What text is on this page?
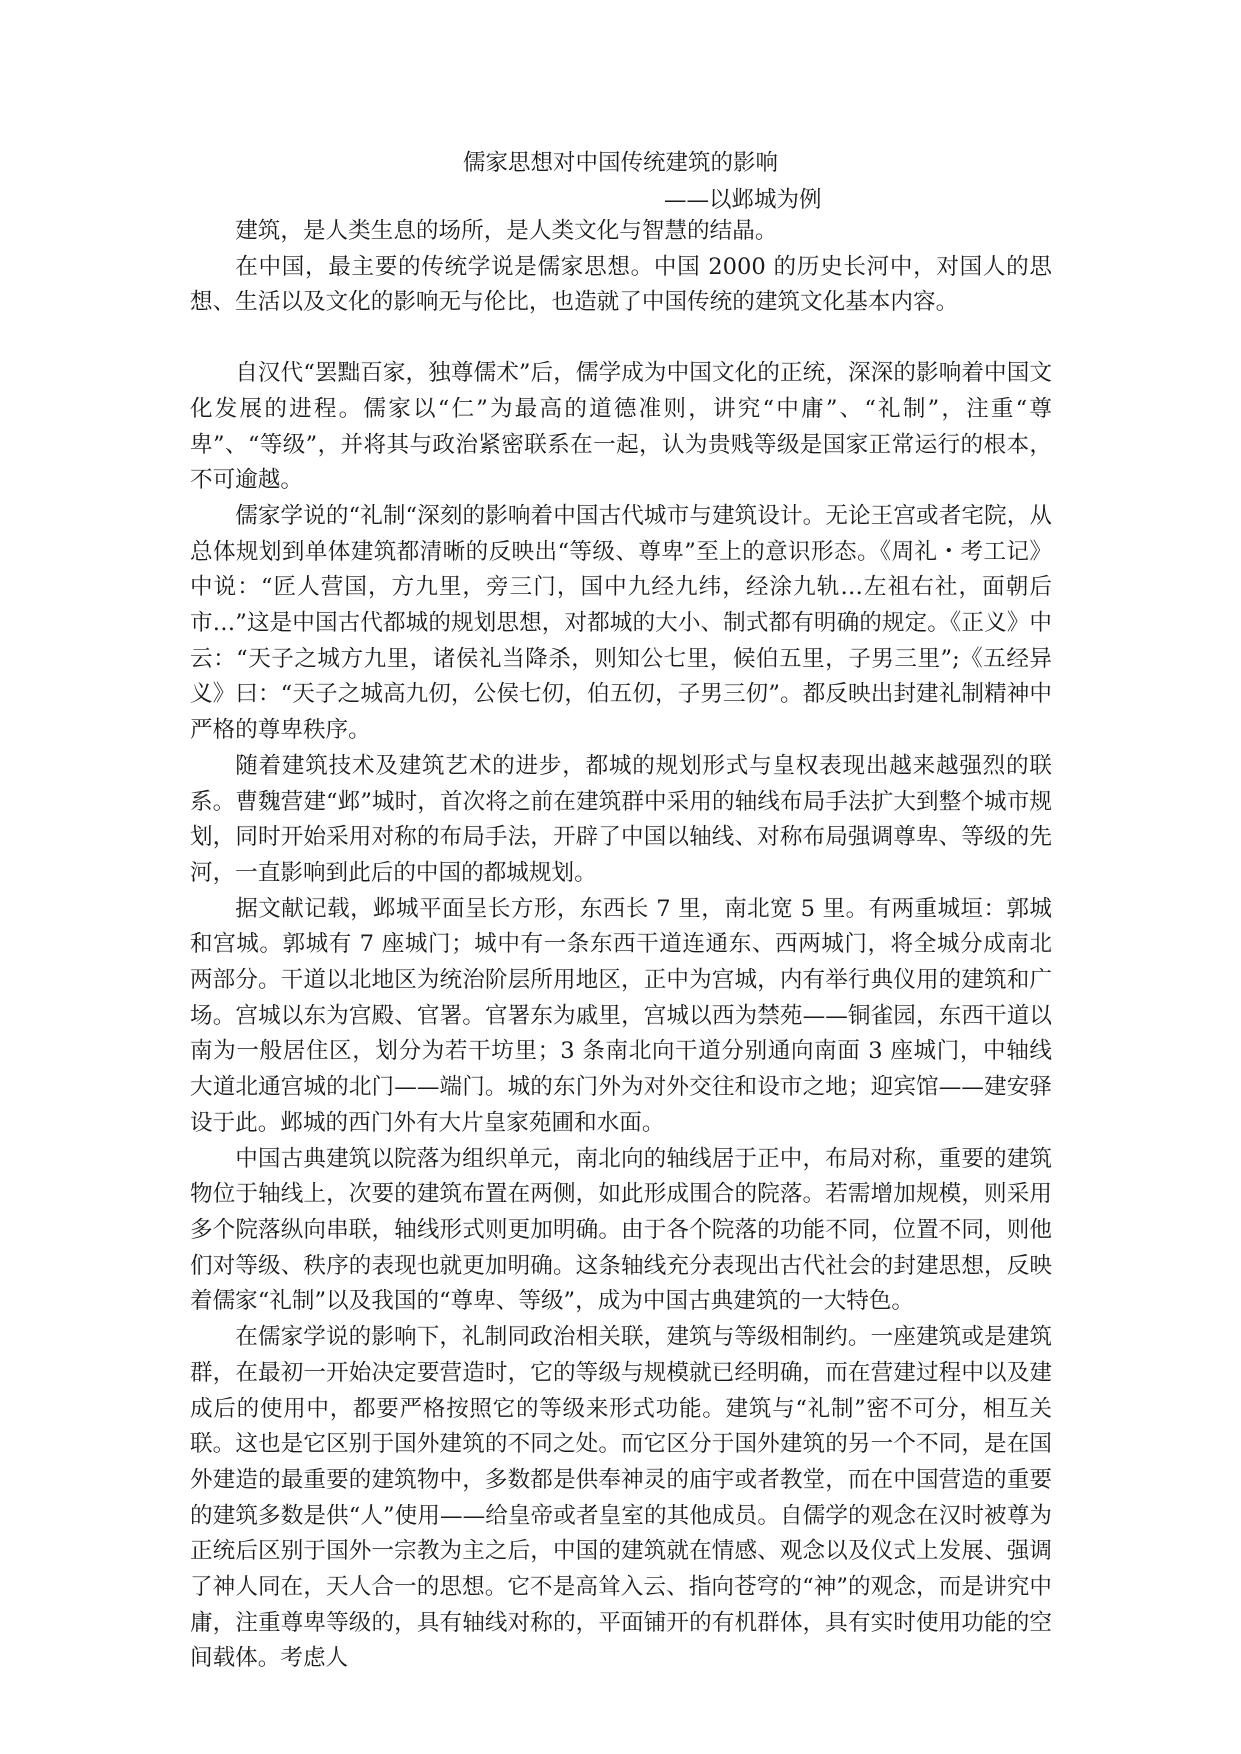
儒家思想对中国传统建筑的影响
——以邺城为例

建筑，是人类生息的场所，是人类文化与智慧的结晶。

在中国，最主要的传统学说是儒家思想。中国 2000 的历史长河中，对国人的思想、生活以及文化的影响无与伦比，也造就了中国传统的建筑文化基本内容。

自汉代“罢黜百家，独尊儒术”后，儒学成为中国文化的正统，深深的影响着中国文化发展的进程。儒家以“仁”为最高的道德准则，讲究“中庸”、“礼制”，注重“尊卑”、“等级”，并将其与政治紧密联系在一起，认为贵贱等级是国家正常运行的根本，不可逾越。

儒家学说的“礼制“深刻的影响着中国古代城市与建筑设计。无论王宫或者宅院，从总体规划到单体建筑都清晰的反映出“等级、尊卑”至上的意识形态。《周礼・考工记》中说：“匠人营国，方九里，旁三门，国中九经九纬，经涂九轨…左祖右社，面朝后市…”这是中国古代都城的规划思想，对都城的大小、制式都有明确的规定。《正义》中云：“天子之城方九里，诸侯礼当降杀，则知公七里，候伯五里，子男三里”;《五经异义》曰：“天子之城高九仞，公侯七仞，伯五仞，子男三仞”。都反映出封建礼制精神中严格的尊卑秩序。

随着建筑技术及建筑艺术的进步，都城的规划形式与皇权表现出越来越强烈的联系。曹魏营建“邺”城时，首次将之前在建筑群中采用的轴线布局手法扩大到整个城市规划，同时开始采用对称的布局手法，开辟了中国以轴线、对称布局强调尊卑、等级的先河，一直影响到此后的中国的都城规划。

据文献记载，邺城平面呈长方形，东西长 7 里，南北宽 5 里。有两重城垣：郭城和宫城。郭城有 7 座城门；城中有一条东西干道连通东、西两城门，将全城分成南北两部分。干道以北地区为统治阶层所用地区，正中为宫城，内有举行典仪用的建筑和广场。宫城以东为宫殿、官署。官署东为戚里，宫城以西为禁苑——铜雀园，东西干道以南为一般居住区，划分为若干坊里；3 条南北向干道分别通向南面 3 座城门，中轴线大道北通宫城的北门——端门。城的东门外为对外交往和设市之地；迎宾馆——建安驿设于此。邺城的西门外有大片皇家苑圃和水面。

中国古典建筑以院落为组织单元，南北向的轴线居于正中，布局对称，重要的建筑物位于轴线上，次要的建筑布置在两侧，如此形成围合的院落。若需增加规模，则采用多个院落纵向串联，轴线形式则更加明确。由于各个院落的功能不同，位置不同，则他们对等级、秩序的表现也就更加明确。这条轴线充分表现出古代社会的封建思想，反映着儒家“礼制”以及我国的“尊卑、等级”，成为中国古典建筑的一大特色。

在儒家学说的影响下，礼制同政治相关联，建筑与等级相制约。一座建筑或是建筑群，在最初一开始决定要营造时，它的等级与规模就已经明确，而在营建过程中以及建成后的使用中，都要严格按照它的等级来形式功能。建筑与“礼制”密不可分，相互关联。这也是它区别于国外建筑的不同之处。而它区分于国外建筑的另一个不同，是在国外建造的最重要的建筑物中，多数都是供奉神灵的庙宇或者教堂，而在中国营造的重要的建筑多数是供“人”使用——给皇帝或者皇室的其他成员。自儒学的观念在汉时被尊为正统后区别于国外一宗教为主之后，中国的建筑就在情感、观念以及仪式上发展、强调了神人同在，天人合一的思想。它不是高耸入云、指向苍穹的“神”的观念，而是讲究中庸，注重尊卑等级的，具有轴线对称的，平面铺开的有机群体，具有实时使用功能的空间载体。考虑人
